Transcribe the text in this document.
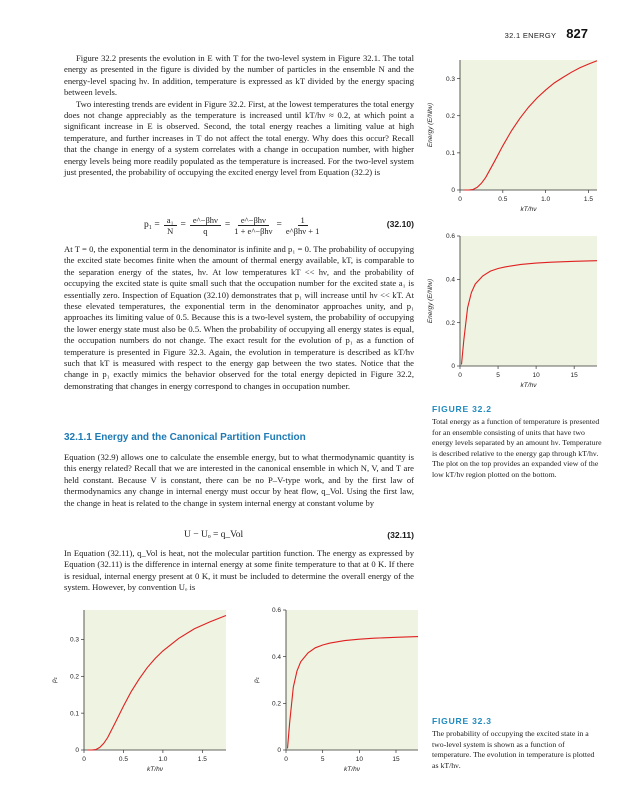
32.1 ENERGY 827

Figure 32.2 presents the evolution in E with T for the two-level system in Figure 32.1. The total energy as presented in the figure is divided by the number of particles in the ensemble N and the energy-level spacing hν. In addition, temperature is expressed as kT divided by the energy spacing between levels.

Two interesting trends are evident in Figure 32.2. First, at the lowest temperatures the total energy does not change appreciably as the temperature is increased until kT/hν ≈ 0.2, at which point a significant increase in E is observed. Second, the total energy reaches a limiting value at high temperature, and further increases in T do not affect the total energy. Why does this occur? Recall that the change in energy of a system correlates with a change in occupation number, with higher energy levels being more readily populated as the temperature is increased. For the two-level system just presented, the probability of occupying the excited energy level from Equation (32.2) is

$p_1 = \frac{\text{a₁}}{N} = \frac{\text{e\textasciicircum{}−βhν}}{q} = \frac{\text{e\textasciicircum{}−βhν}}{\text{1 + e\textasciicircum{}−βhν}} = \frac{1}{\text{e\textasciicircum{}βhν + 1}}$	(32.10)

At T = 0, the exponential term in the denominator is infinite and p₁ = 0. The probability of occupying the excited state becomes finite when the amount of thermal energy available, kT, is comparable to the separation energy of the states, hν. At low temperatures kT << hν, and the probability of occupying the excited state is quite small such that the occupation number for the excited state a₁ is essentially zero. Inspection of Equation (32.10) demonstrates that p₁ will increase until hν << kT. At these elevated temperatures, the exponential term in the denominator approaches unity, and p₁ approaches its limiting value of 0.5. Because this is a two-level system, the probability of occupying the lower energy state must also be 0.5. When the probability of occupying all energy states is equal, the occupation numbers do not change. The exact result for the evolution of p₁ as a function of temperature is presented in Figure 32.3. Again, the evolution in temperature is described as kT/hν such that kT is measured with respect to the energy gap between the two states. Notice that the change in p₁ exactly mimics the behavior observed for the total energy depicted in Figure 32.2, demonstrating that changes in energy correspond to changes in occupation number.

32.1.1 Energy and the Canonical Partition Function

Equation (32.9) allows one to calculate the ensemble energy, but to what thermodynamic quantity is this energy related? Recall that we are interested in the canonical ensemble in which N, V, and T are held constant. Because V is constant, there can be no P–V-type work, and by the first law of thermodynamics any change in internal energy must occur by heat flow, q_Vol. Using the first law, the change in heat is related to the change in system internal energy at constant volume by

U − Uₒ = q_Vol	(32.11)

In Equation (32.11), q_Vol is heat, not the molecular partition function. The energy as expressed by Equation (32.11) is the difference in internal energy at some finite temperature to that at 0 K. If there is residual, internal energy present at 0 K, it must be included to determine the overall energy of the system. However, by convention Uₒ is

0	0.5	1.0	1.5
0
0.1
0.2
0.3
kT/hν
Energy (E/Nhν)
0	5	10	15
0
0.2
0.4
0.6
kT/hν
Energy (E/Nhν)
FIGURE 32.2
Total energy as a function of temperature is presented for an ensemble consisting of units that have two energy levels separated by an amount hν. Temperature is described relative to the energy gap through kT/hν. The plot on the top provides an expanded view of the low kT/hν region plotted on the bottom.
0	0.5	1.0	1.5
0
0.1
0.2
0.3
kT/hν
p₁
0	5	10	15
0
0.2
0.4
0.6
kT/hν
p₁
FIGURE 32.3
The probability of occupying the excited state in a two-level system is shown as a function of temperature. The evolution in temperature is plotted as kT/hν.
